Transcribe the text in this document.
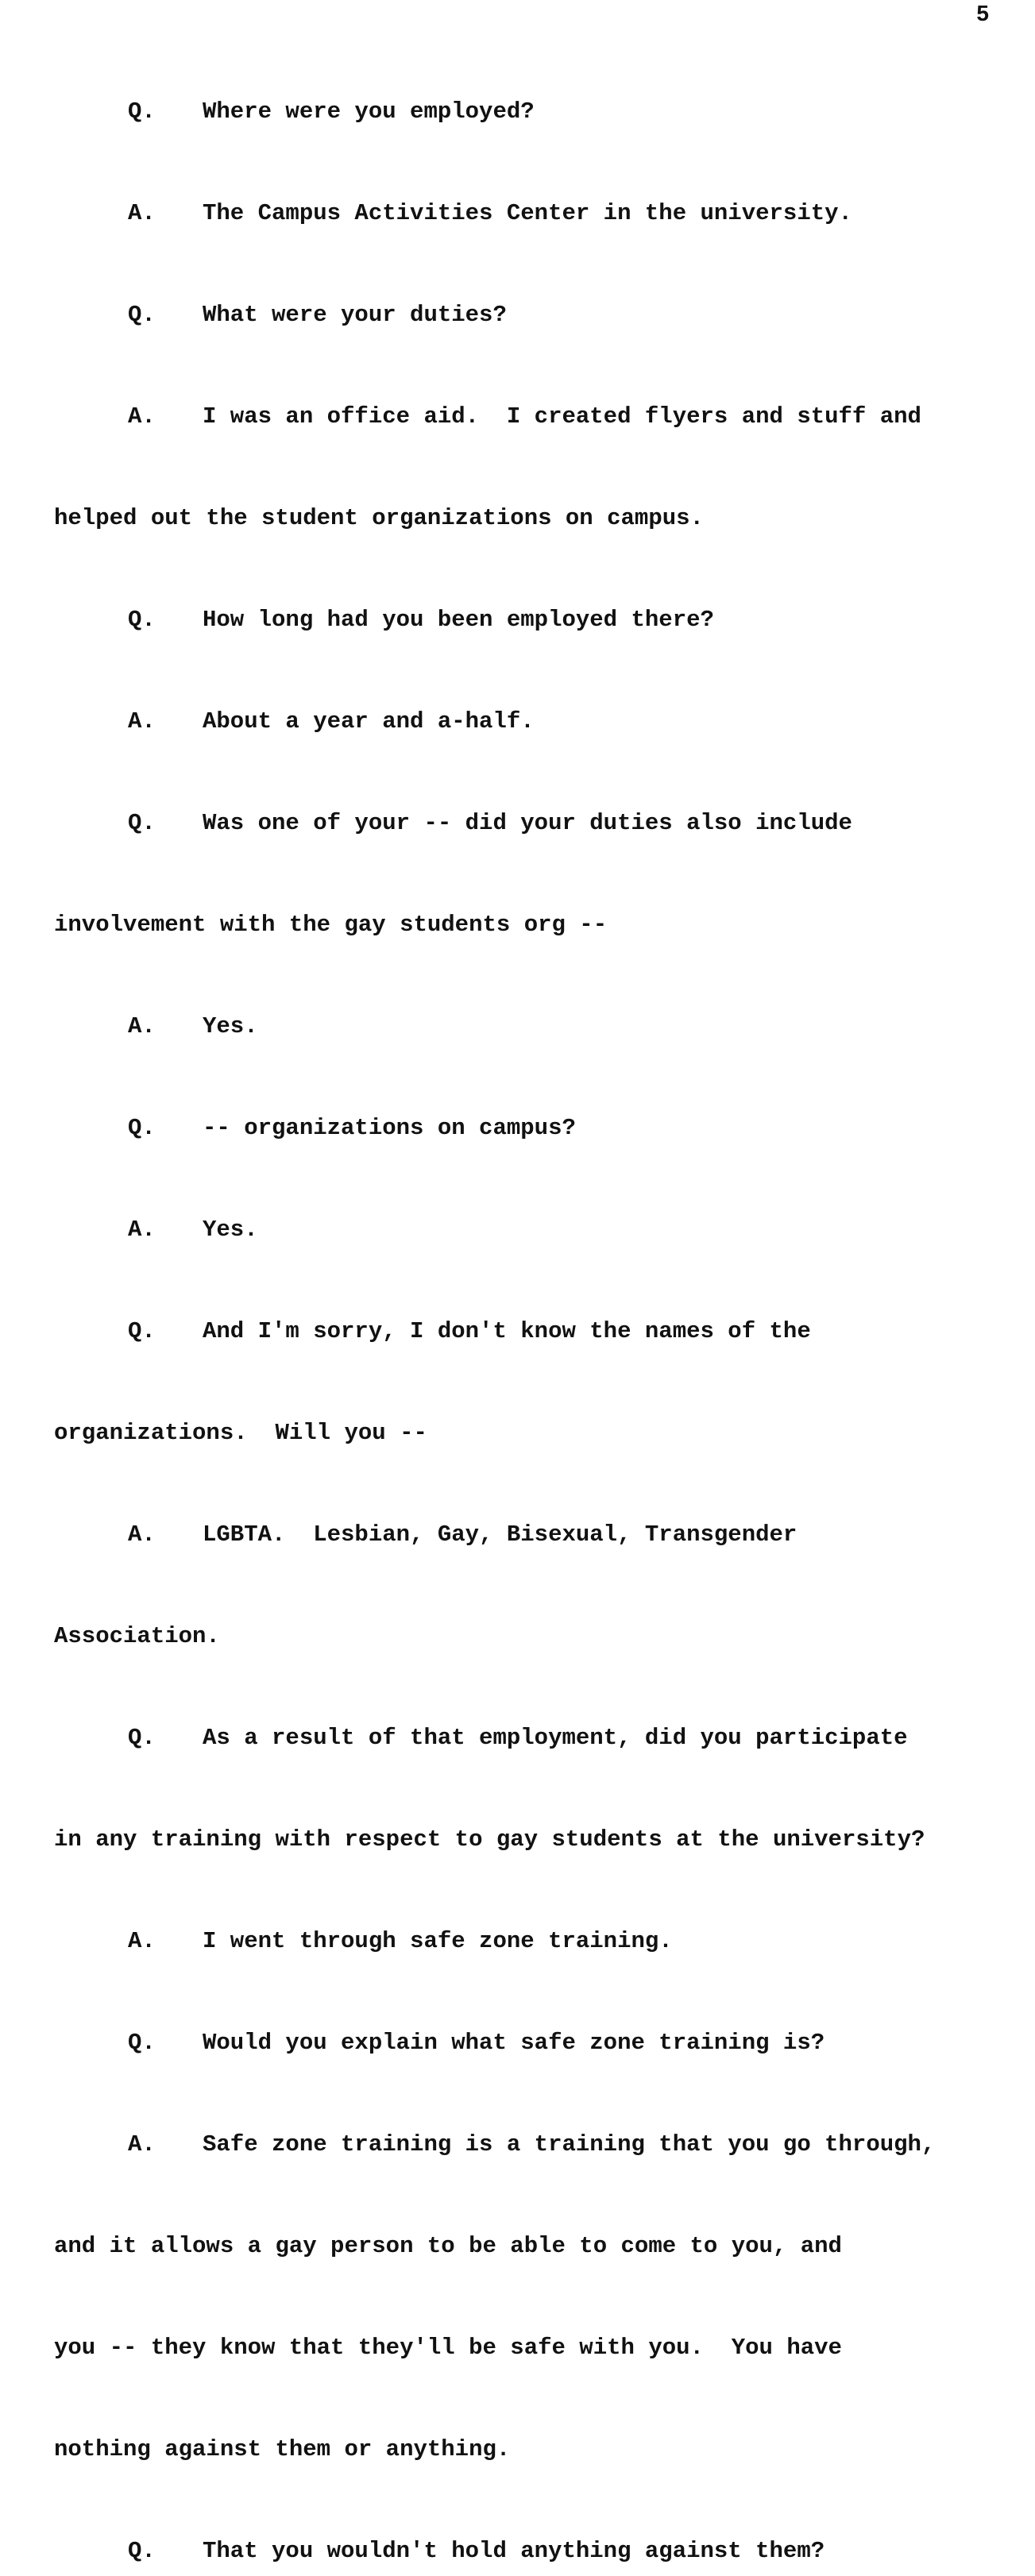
5

Q. Where were you employed?

A. The Campus Activities Center in the university.

Q. What were your duties?

A. I was an office aid.  I created flyers and stuff and

helped out the student organizations on campus.

Q. How long had you been employed there?

A. About a year and a-half.

Q. Was one of your -- did your duties also include

involvement with the gay students org --

A. Yes.

Q. -- organizations on campus?

A. Yes.

Q. And I'm sorry, I don't know the names of the

organizations.  Will you --

A. LGBTA.  Lesbian, Gay, Bisexual, Transgender

Association.

Q. As a result of that employment, did you participate

in any training with respect to gay students at the university?

A. I went through safe zone training.

Q. Would you explain what safe zone training is?

A. Safe zone training is a training that you go through,

and it allows a gay person to be able to come to you, and

you -- they know that they'll be safe with you.  You have

nothing against them or anything.

Q. That you wouldn't hold anything against them?
